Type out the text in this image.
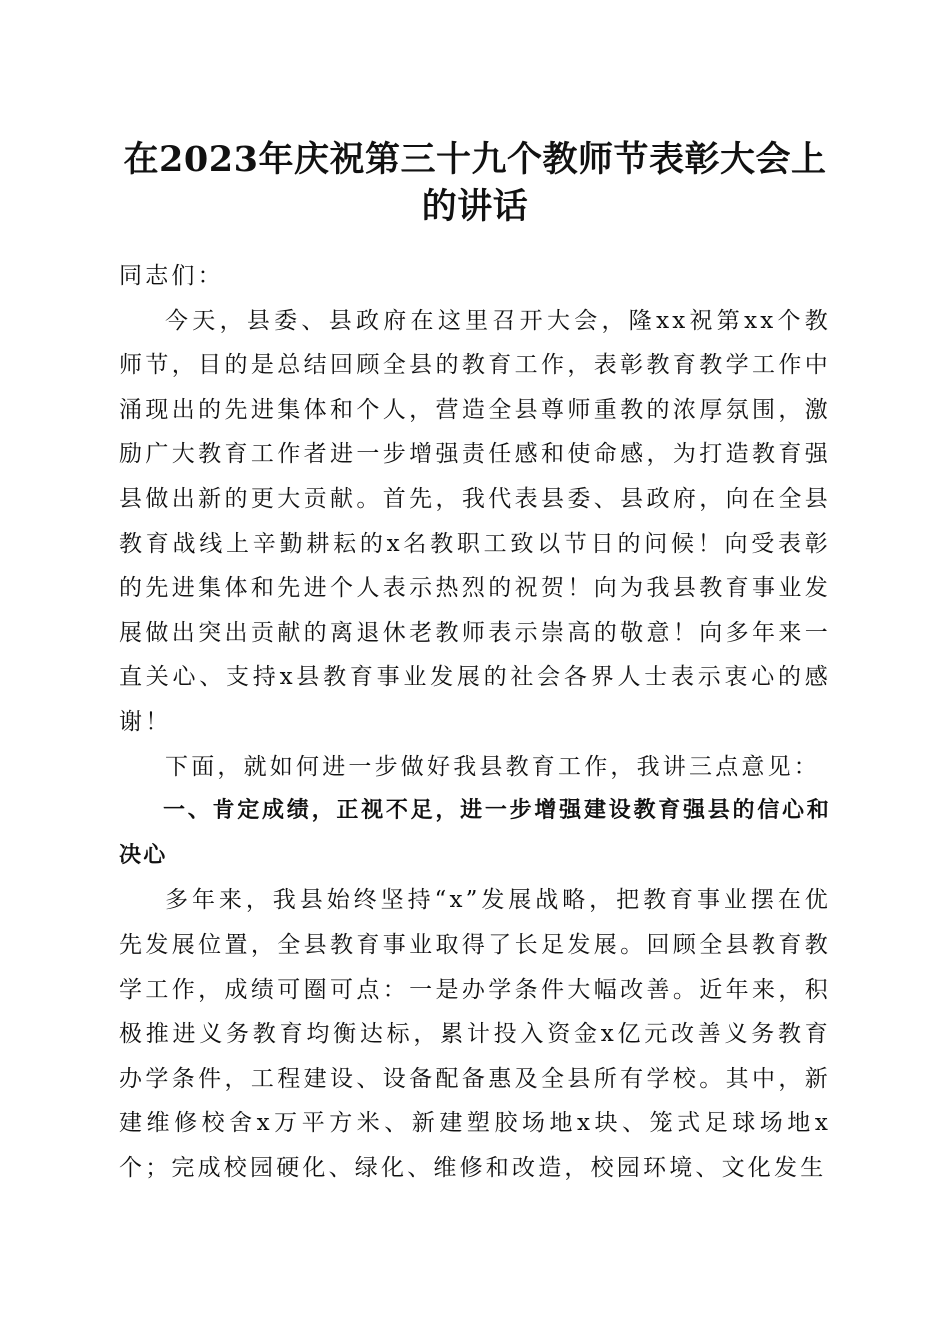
在2023年庆祝第三十九个教师节表彰大会上
的讲话

同志们：

今天，县委、县政府在这里召开大会，隆xx祝第xx个教师节，目的是总结回顾全县的教育工作，表彰教育教学工作中涌现出的先进集体和个人，营造全县尊师重教的浓厚氛围，激励广大教育工作者进一步增强责任感和使命感，为打造教育强县做出新的更大贡献。首先，我代表县委、县政府，向在全县教育战线上辛勤耕耘的x名教职工致以节日的问候！向受表彰的先进集体和先进个人表示热烈的祝贺！向为我县教育事业发展做出突出贡献的离退休老教师表示崇高的敬意！向多年来一直关心、支持x县教育事业发展的社会各界人士表示衷心的感谢！

下面，就如何进一步做好我县教育工作，我讲三点意见：

一、肯定成绩，正视不足，进一步增强建设教育强县的信心和决心

多年来，我县始终坚持“x”发展战略，把教育事业摆在优先发展位置，全县教育事业取得了长足发展。回顾全县教育教学工作，成绩可圈可点：一是办学条件大幅改善。近年来，积极推进义务教育均衡达标，累计投入资金x亿元改善义务教育办学条件，工程建设、设备配备惠及全县所有学校。其中，新建维修校舍x万平方米、新建塑胶场地x块、笼式足球场地x个；完成校园硬化、绿化、维修和改造，校园环境、文化发生
